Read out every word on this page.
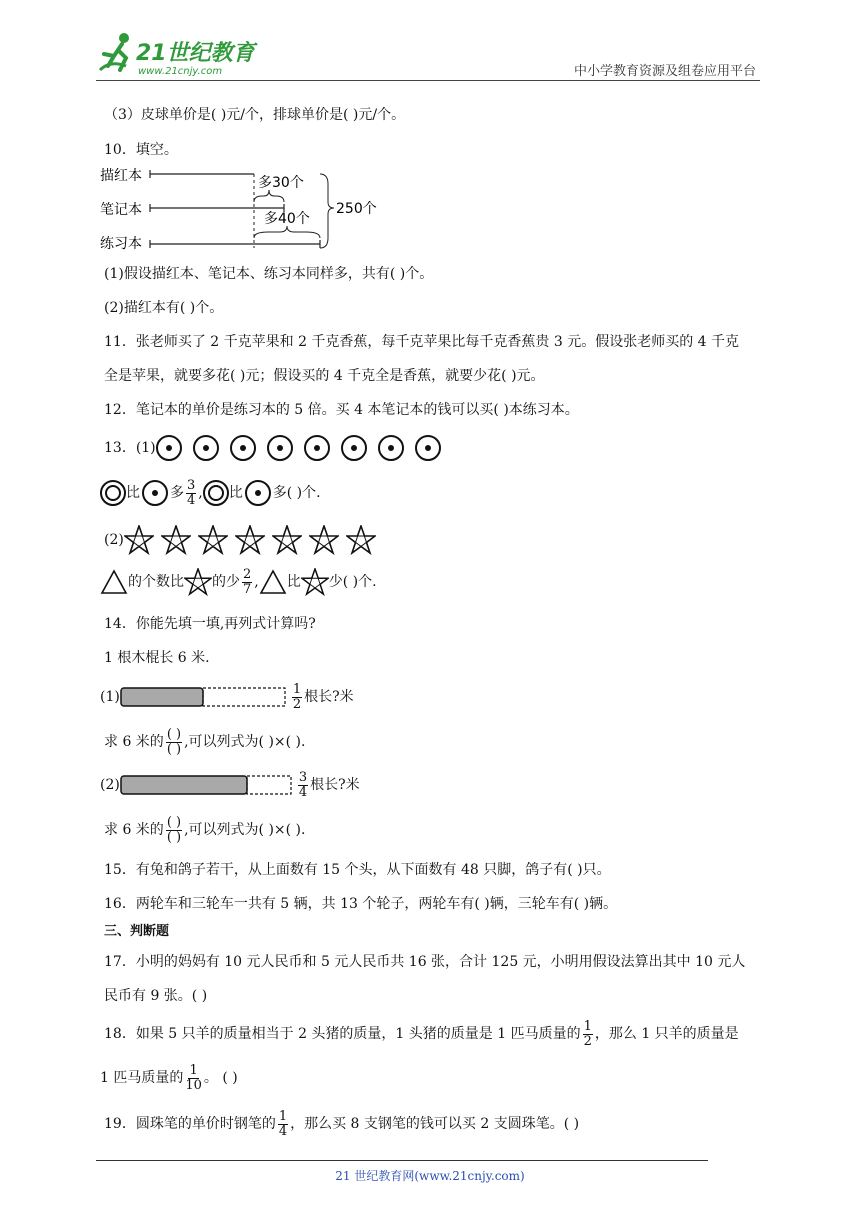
21世纪教育
www.21cnjy.com	中小学教育资源及组卷应用平台
（3）皮球单价是( )元/个，排球单价是( )元/个。
10．填空。
描红本
笔记本
练习本
多30个
多40个
250个
(1)假设描红本、笔记本、练习本同样多，共有( )个。
(2)描红本有( )个。
11．张老师买了 2 千克苹果和 2 千克香蕉，每千克苹果比每千克香蕉贵 3 元。假设张老师买的 4 千克
全是苹果，就要多花( )元；假设买的 4 千克全是香蕉，就要少花( )元。
12．笔记本的单价是练习本的 5 倍。买 4 本笔记本的钱可以买( )本练习本。
13．(1)
比 多 $\frac{3}{4}$ , 比 多( )个.
(2)
的个数比 的少 $\frac{2}{7}$ , 比 少( )个.
14．你能先填一填,再列式计算吗?
1 根木棍长 6 米.
(1)	$\frac{1}{2}$ 根长?米
求 6 米的 $\frac{( )}{( )}$ ,可以列式为( )×( ).
(2)	$\frac{3}{4}$ 根长?米
求 6 米的 $\frac{( )}{( )}$ ,可以列式为( )×( ).
15．有兔和鸽子若干，从上面数有 15 个头，从下面数有 48 只脚，鸽子有( )只。
16．两轮车和三轮车一共有 5 辆，共 13 个轮子，两轮车有( )辆，三轮车有( )辆。
三、判断题
17．小明的妈妈有 10 元人民币和 5 元人民币共 16 张，合计 125 元，小明用假设法算出其中 10 元人
民币有 9 张。( )
18．如果 5 只羊的质量相当于 2 头猪的质量，1 头猪的质量是 1 匹马质量的 $\frac{1}{2}$ ，那么 1 只羊的质量是
1 匹马质量的 $\frac{1}{10}$ 。 ( )
19．圆珠笔的单价时钢笔的 $\frac{1}{4}$ ，那么买 8 支钢笔的钱可以买 2 支圆珠笔。( )
21 世纪教育网(www.21cnjy.com)
